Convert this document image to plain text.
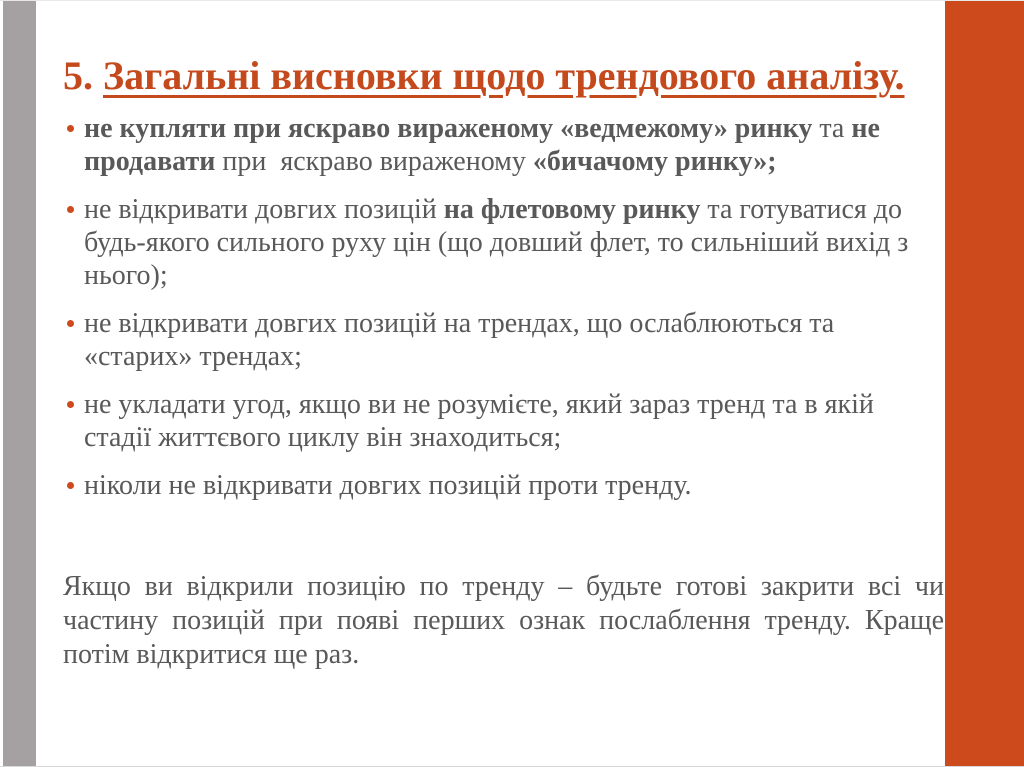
5. Загальні висновки щодо трендового аналізу.
не купляти при яскраво вираженому «ведмежому» ринку та не продавати при  яскраво вираженому «бичачому ринку»;
не відкривати довгих позицій на флетовому ринку та готуватися до будь-якого сильного руху цін (що довший флет, то сильніший вихід з нього);
не відкривати довгих позицій на трендах, що ослаблюються та «старих» трендах;
не укладати угод, якщо ви не розумієте, який зараз тренд та в якій стадії життєвого циклу він знаходиться;
ніколи не відкривати довгих позицій проти тренду.
Якщо ви відкрили позицію по тренду – будьте готові закрити всі чи частину позицій при появі перших ознак послаблення тренду. Краще потім відкритися ще раз.
